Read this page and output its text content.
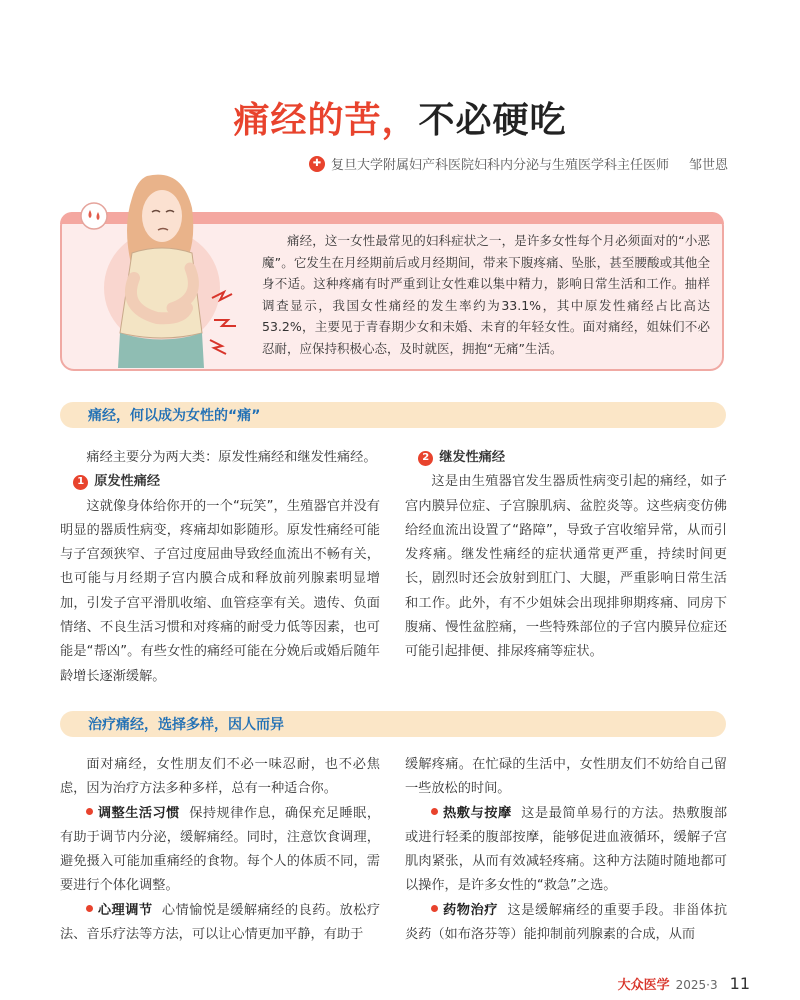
痛经的苦，不必硬吃
✚ 复旦大学附属妇产科医院妇科内分泌与生殖医学科主任医师 邹世恩
痛经，这一女性最常见的妇科症状之一，是许多女性每个月必须面对的“小恶魔”。它发生在月经期前后或月经期间，带来下腹疼痛、坠胀，甚至腰酸或其他全身不适。这种疼痛有时严重到让女性难以集中精力，影响日常生活和工作。抽样调查显示，我国女性痛经的发生率约为33.1%，其中原发性痛经占比高达53.2%，主要见于青春期少女和未婚、未育的年轻女性。面对痛经，姐妹们不必忍耐，应保持积极心态，及时就医，拥抱“无痛”生活。
痛经，何以成为女性的“痛”

痛经主要分为两大类：原发性痛经和继发性痛经。

1 原发性痛经

这就像身体给你开的一个“玩笑”，生殖器官并没有明显的器质性病变，疼痛却如影随形。原发性痛经可能与子宫颈狭窄、子宫过度屈曲导致经血流出不畅有关，也可能与月经期子宫内膜合成和释放前列腺素明显增加，引发子宫平滑肌收缩、血管痉挛有关。遗传、负面情绪、不良生活习惯和对疼痛的耐受力低等因素，也可能是“帮凶”。有些女性的痛经可能在分娩后或婚后随年龄增长逐渐缓解。

2 继发性痛经

这是由生殖器官发生器质性病变引起的痛经，如子宫内膜异位症、子宫腺肌病、盆腔炎等。这些病变仿佛给经血流出设置了“路障”，导致子宫收缩异常，从而引发疼痛。继发性痛经的症状通常更严重，持续时间更长，剧烈时还会放射到肛门、大腿，严重影响日常生活和工作。此外，有不少姐妹会出现排卵期疼痛、同房下腹痛、慢性盆腔痛，一些特殊部位的子宫内膜异位症还可能引起排便、排尿疼痛等症状。

治疗痛经，选择多样，因人而异

面对痛经，女性朋友们不必一味忍耐，也不必焦虑，因为治疗方法多种多样，总有一种适合你。

调整生活习惯 保持规律作息，确保充足睡眠，有助于调节内分泌，缓解痛经。同时，注意饮食调理，避免摄入可能加重痛经的食物。每个人的体质不同，需要进行个体化调整。

心理调节 心情愉悦是缓解痛经的良药。放松疗法、音乐疗法等方法，可以让心情更加平静，有助于

缓解疼痛。在忙碌的生活中，女性朋友们不妨给自己留一些放松的时间。

热敷与按摩 这是最简单易行的方法。热敷腹部或进行轻柔的腹部按摩，能够促进血液循环，缓解子宫肌肉紧张，从而有效减轻疼痛。这种方法随时随地都可以操作，是许多女性的“救急”之选。

药物治疗 这是缓解痛经的重要手段。非甾体抗炎药（如布洛芬等）能抑制前列腺素的合成，从而

大众医学 2025·3 11
